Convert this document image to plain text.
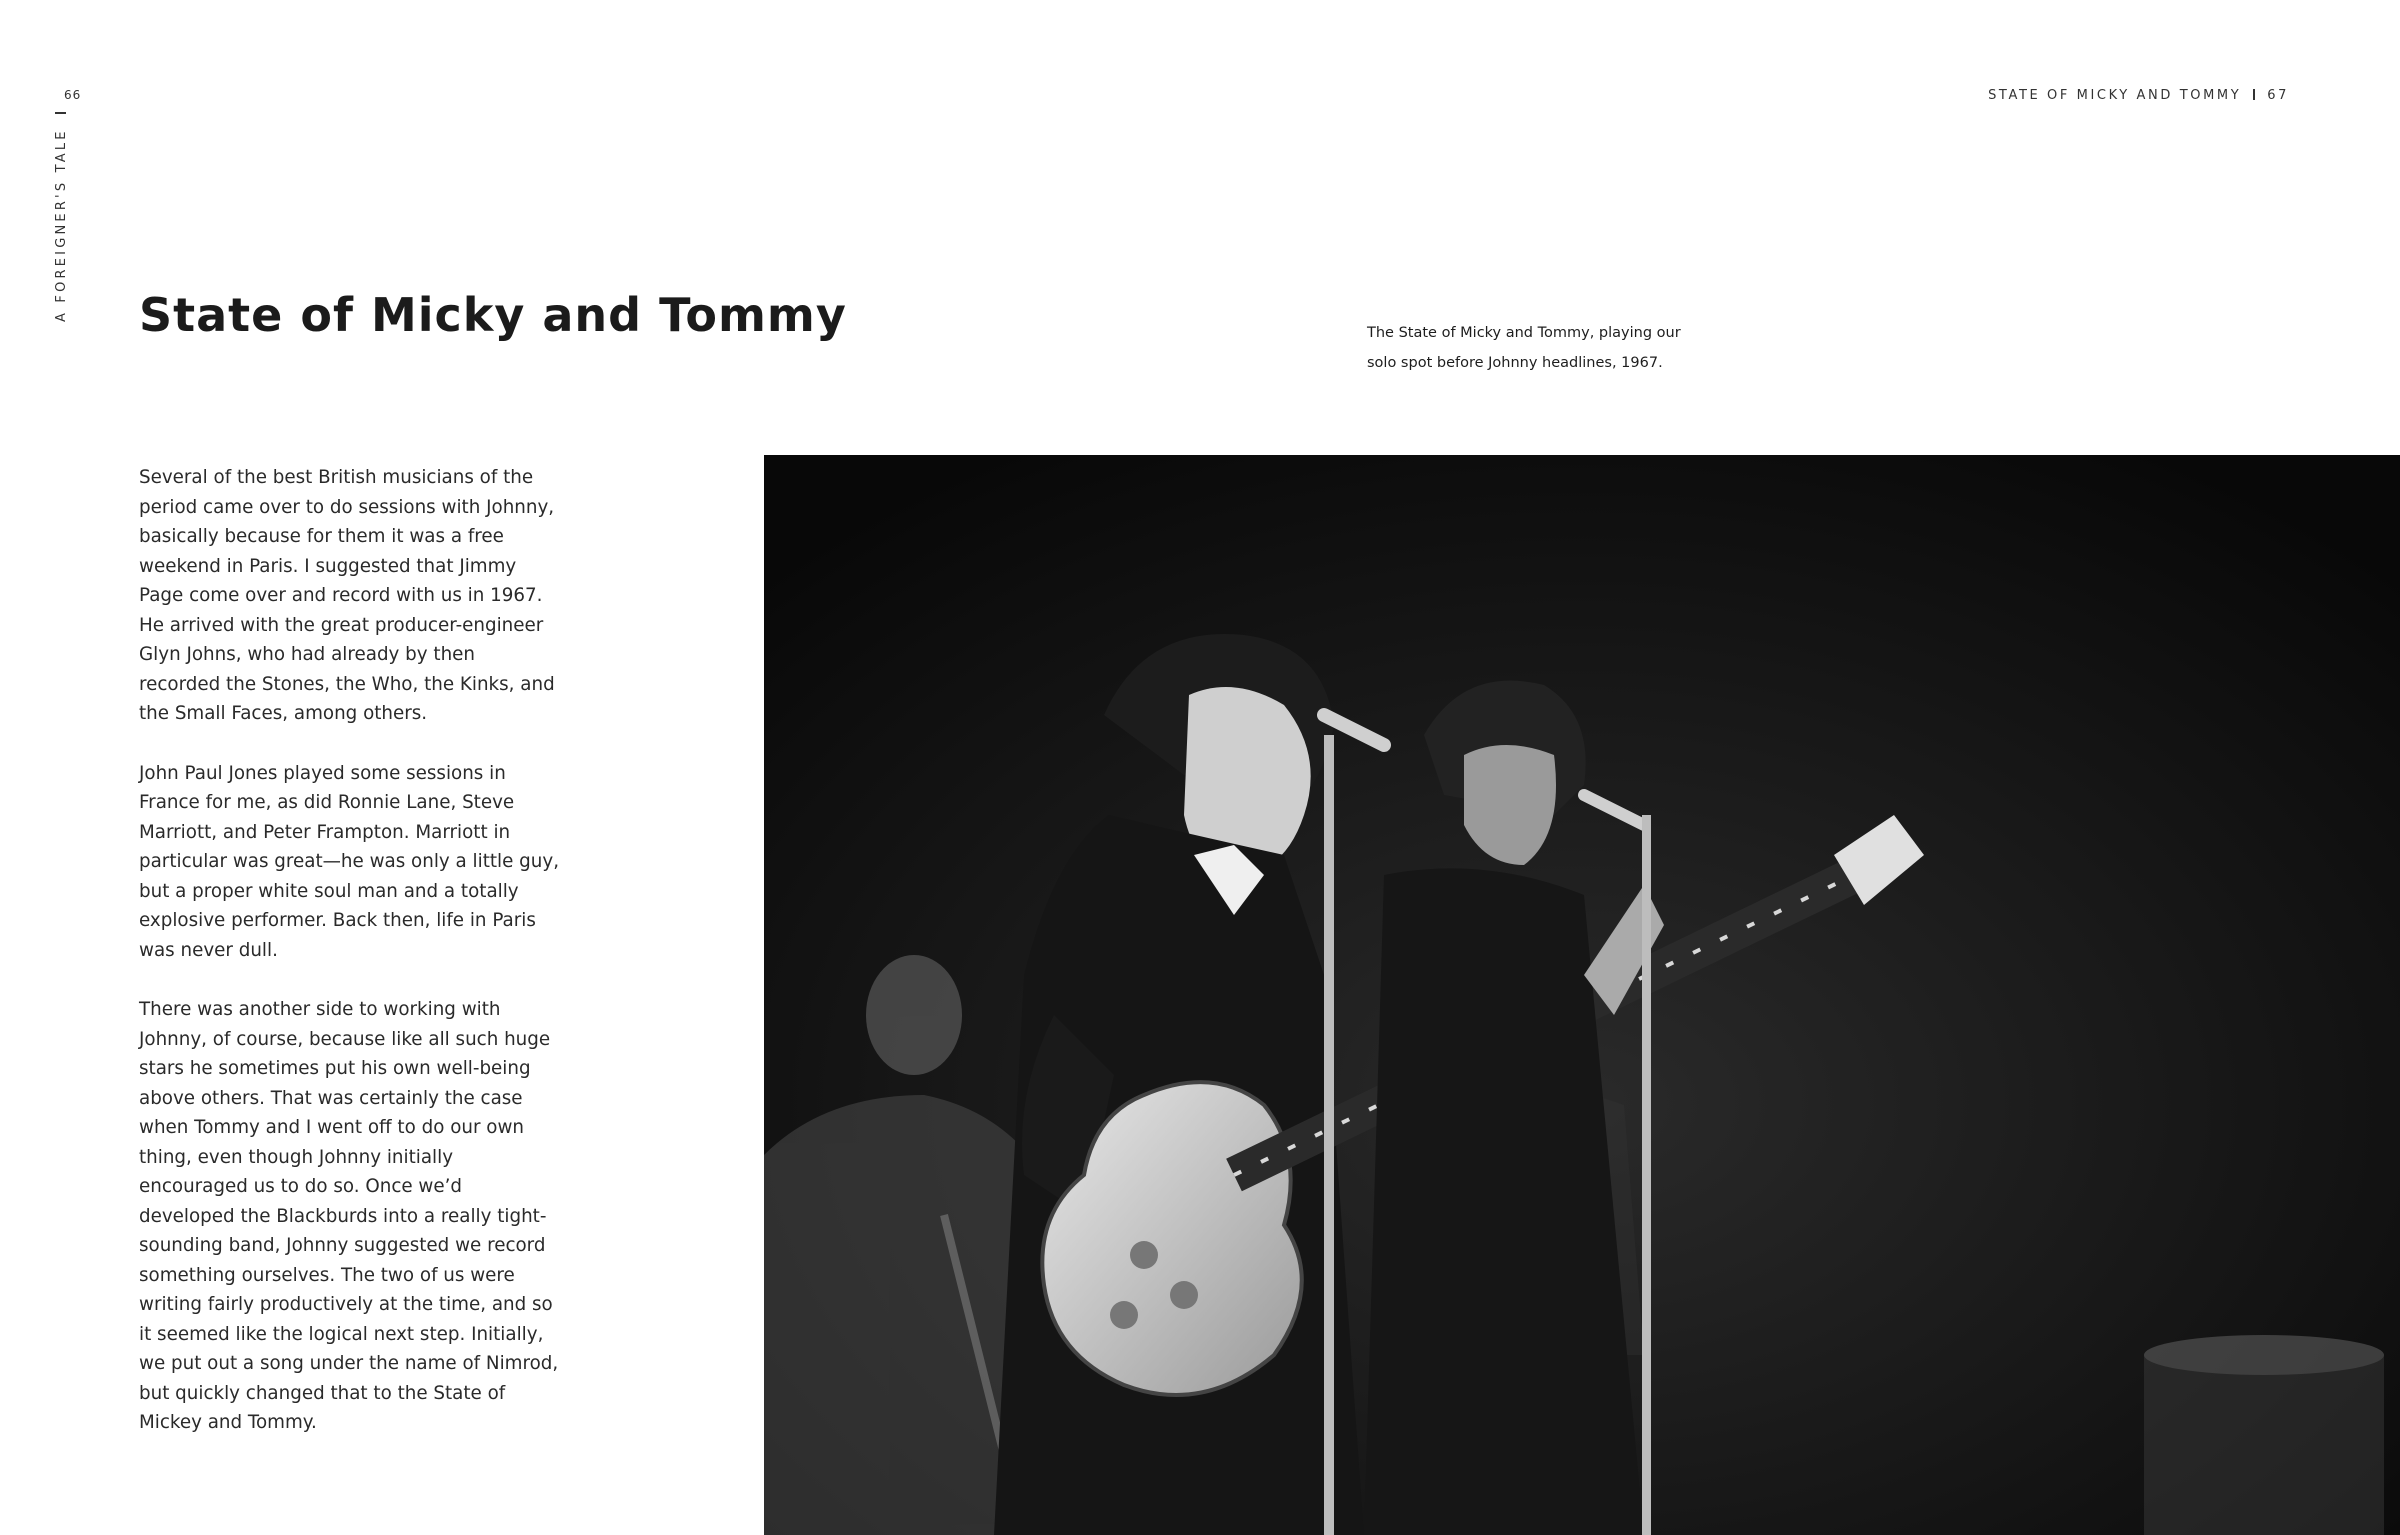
66
A FOREIGNER'S TALE
STATE OF MICKY AND TOMMY 67
State of Micky and Tommy	The State of Micky and Tommy, playing our solo spot before Johnny headlines, 1967.

Several of the best British musicians of the period came over to do sessions with Johnny, basically because for them it was a free weekend in Paris. I suggested that Jimmy Page come over and record with us in 1967. He arrived with the great producer-engineer Glyn Johns, who had already by then recorded the Stones, the Who, the Kinks, and the Small Faces, among others.

John Paul Jones played some sessions in France for me, as did Ronnie Lane, Steve Marriott, and Peter Frampton. Marriott in particular was great—he was only a little guy, but a proper white soul man and a totally explosive performer. Back then, life in Paris was never dull.

There was another side to working with Johnny, of course, because like all such huge stars he sometimes put his own well-being above others. That was certainly the case when Tommy and I went off to do our own thing, even though Johnny initially encouraged us to do so. Once we’d developed the Blackburds into a really tight-sounding band, Johnny suggested we record something ourselves. The two of us were writing fairly productively at the time, and so it seemed like the logical next step. Initially, we put out a song under the name of Nimrod, but quickly changed that to the State of Mickey and Tommy.
